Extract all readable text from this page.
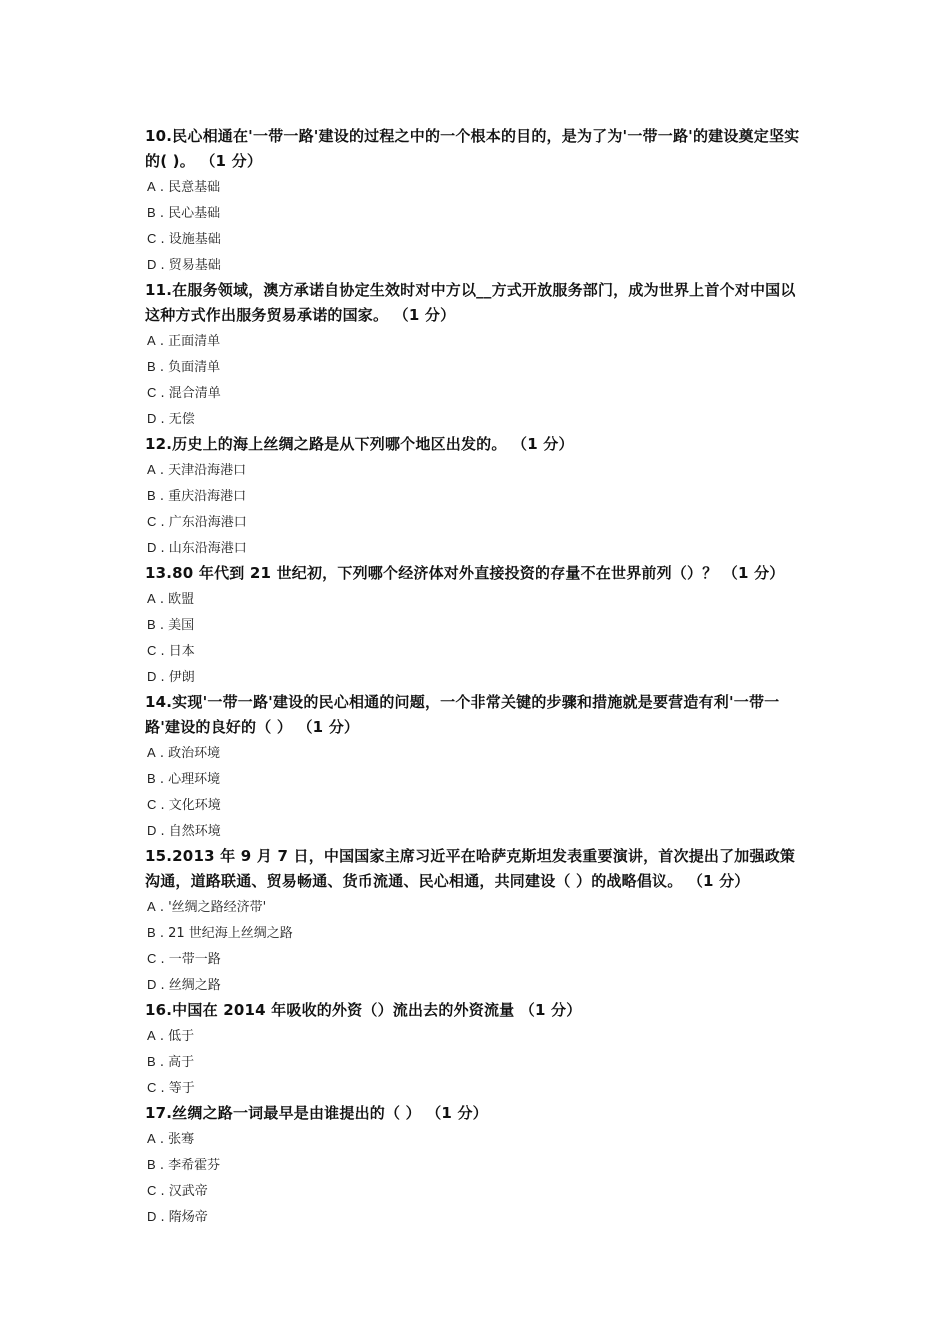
10.民心相通在'一带一路'建设的过程之中的一个根本的目的，是为了为'一带一路'的建设奠定坚实的( )。 （1 分）

A . 民意基础
B . 民心基础
C . 设施基础
D . 贸易基础

11.在服务领域，澳方承诺自协定生效时对中方以__方式开放服务部门，成为世界上首个对中国以这种方式作出服务贸易承诺的国家。 （1 分）

A . 正面清单
B . 负面清单
C . 混合清单
D . 无偿

12.历史上的海上丝绸之路是从下列哪个地区出发的。 （1 分）

A . 天津沿海港口
B . 重庆沿海港口
C . 广东沿海港口
D . 山东沿海港口

13.80 年代到 21 世纪初，下列哪个经济体对外直接投资的存量不在世界前列（）？ （1 分）

A . 欧盟
B . 美国
C . 日本
D . 伊朗

14.实现'一带一路'建设的民心相通的问题，一个非常关键的步骤和措施就是要营造有利'一带一路'建设的良好的（ ） （1 分）

A . 政治环境
B . 心理环境
C . 文化环境
D . 自然环境

15.2013 年 9 月 7 日，中国国家主席习近平在哈萨克斯坦发表重要演讲，首次提出了加强政策沟通，道路联通、贸易畅通、货币流通、民心相通，共同建设（ ）的战略倡议。 （1 分）

A . '丝绸之路经济带'
B . 21 世纪海上丝绸之路
C . 一带一路
D . 丝绸之路

16.中国在 2014 年吸收的外资（）流出去的外资流量 （1 分）

A . 低于
B . 高于
C . 等于

17.丝绸之路一词最早是由谁提出的（ ） （1 分）

A . 张骞
B . 李希霍芬
C . 汉武帝
D . 隋炀帝
